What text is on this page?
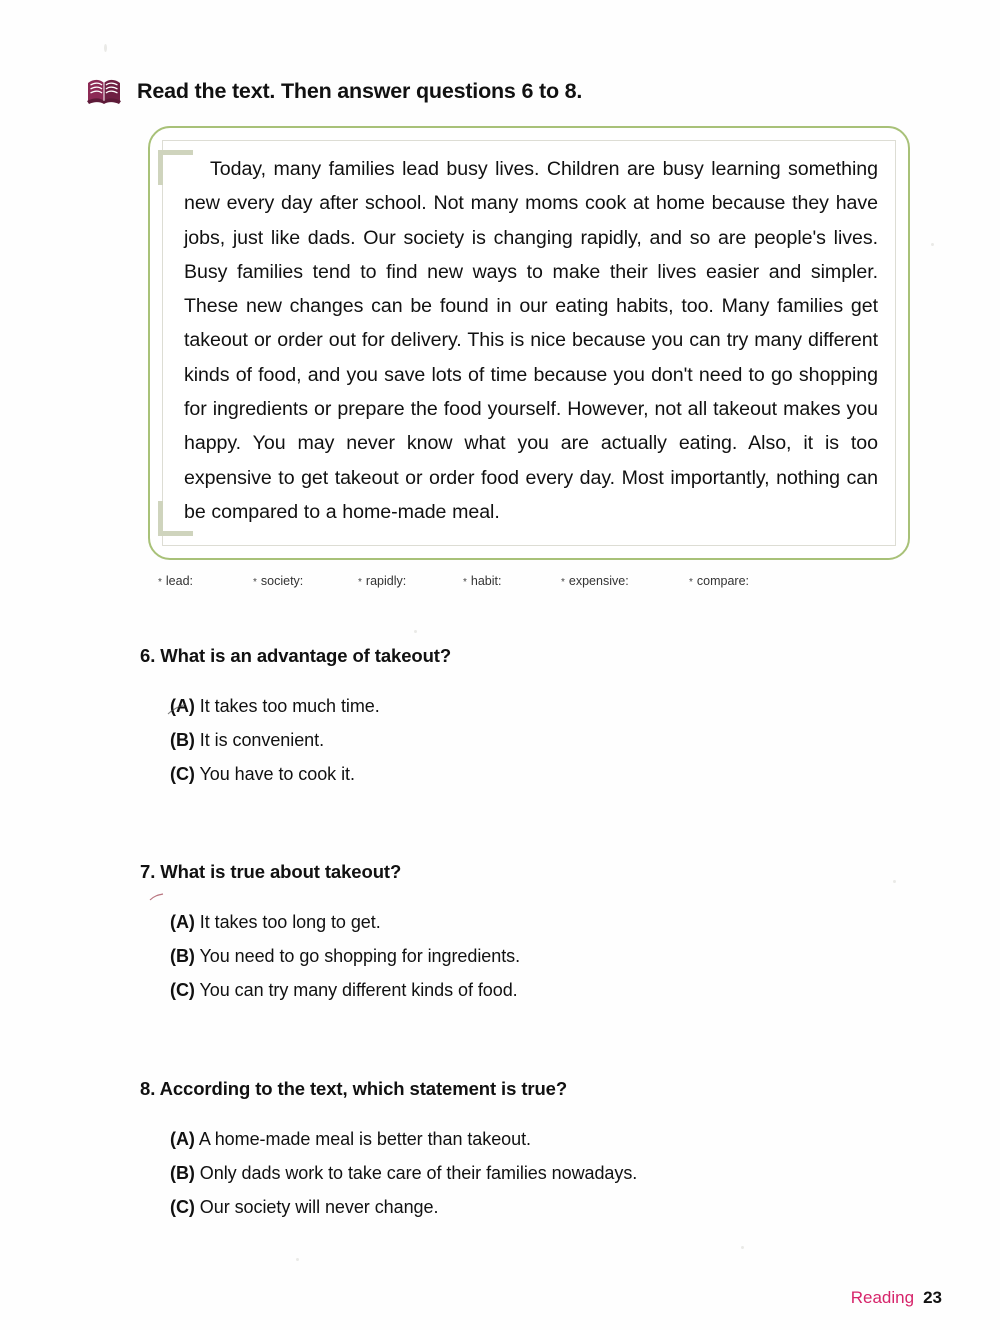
Read the text. Then answer questions 6 to 8.
Today, many families lead busy lives. Children are busy learning something new every day after school. Not many moms cook at home because they have jobs, just like dads. Our society is changing rapidly, and so are people's lives. Busy families tend to find new ways to make their lives easier and simpler. These new changes can be found in our eating habits, too. Many families get takeout or order out for delivery. This is nice because you can try many different kinds of food, and you save lots of time because you don't need to go shopping for ingredients or prepare the food yourself. However, not all takeout makes you happy. You may never know what you are actually eating. Also, it is too expensive to get takeout or order food every day. Most importantly, nothing can be compared to a home-made meal.
* lead:	* society:	* rapidly:	* habit:	* expensive:	* compare:
6. What is an advantage of takeout?
(A) It takes too much time.
(B) It is convenient.
(C) You have to cook it.
7. What is true about takeout?
(A) It takes too long to get.
(B) You need to go shopping for ingredients.
(C) You can try many different kinds of food.
8. According to the text, which statement is true?
(A) A home-made meal is better than takeout.
(B) Only dads work to take care of their families nowadays.
(C) Our society will never change.
Reading 23
